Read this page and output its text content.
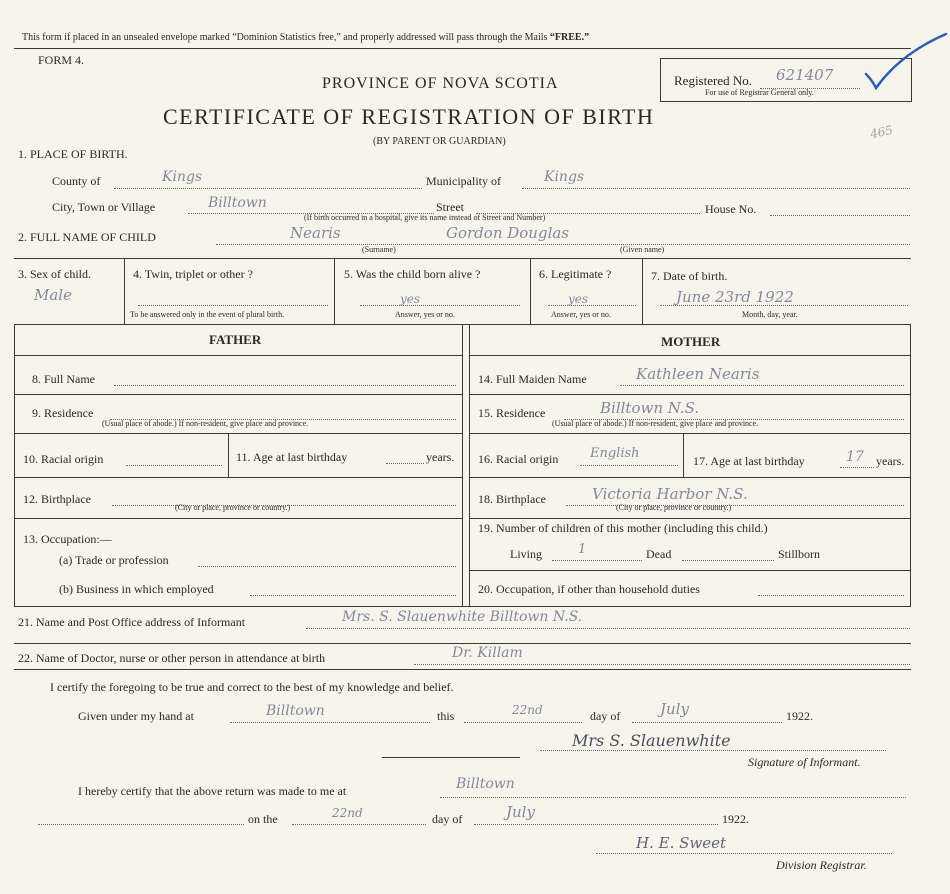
This form if placed in an unsealed envelope marked “Dominion Statistics free,” and properly addressed will pass through the Mails “FREE.”
FORM 4.
PROVINCE OF NOVA SCOTIA
CERTIFICATE OF REGISTRATION OF BIRTH
(BY PARENT OR GUARDIAN)
Registered No. 621407
For use of Registrar General only.
465
1. PLACE OF BIRTH.
County of	Kings	Municipality of	Kings
City, Town or Village	Billtown	Street	House No.
(If birth occurred in a hospital, give its name instead of Street and Number)
2. FULL NAME OF CHILD	Nearis	Gordon Douglas
(Surname)	(Given name)
3. Sex of child.
Male
4. Twin, triplet or other ?
To be answered only in the event of plural birth.
5. Was the child born alive ?
yes
Answer, yes or no.
6. Legitimate ?
yes
Answer, yes or no.
7. Date of birth.
June 23rd 1922
Month, day, year.
FATHER	MOTHER
8. Full Name
9. Residence
(Usual place of abode.) If non-resident, give place and province.
10. Racial origin	11. Age at last birthday	years.
12. Birthplace
(City or place, province or country.)
13. Occupation:—
(a) Trade or profession
(b) Business in which employed
14. Full Maiden Name	Kathleen Nearis
15. Residence	Billtown N.S.
(Usual place of abode.) If non-resident, give place and province.
16. Racial origin English	17. Age at last birthday	17 years.
18. Birthplace	Victoria Harbor N.S.
(City or place, province or country.)
19. Number of children of this mother (including this child.)
Living	1	Dead	Stillborn
20. Occupation, if other than household duties
21. Name and Post Office address of Informant	Mrs. S. Slauenwhite Billtown N.S.
22. Name of Doctor, nurse or other person in attendance at birth	Dr. Killam
I certify the foregoing to be true and correct to the best of my knowledge and belief.
Given under my hand at	Billtown	this	22nd	day of	July	1922.
Mrs S. Slauenwhite
Signature of Informant.
I hereby certify that the above return was made to me at	Billtown
on the	22nd	day of	July	1922.
H. E. Sweet
Division Registrar.
